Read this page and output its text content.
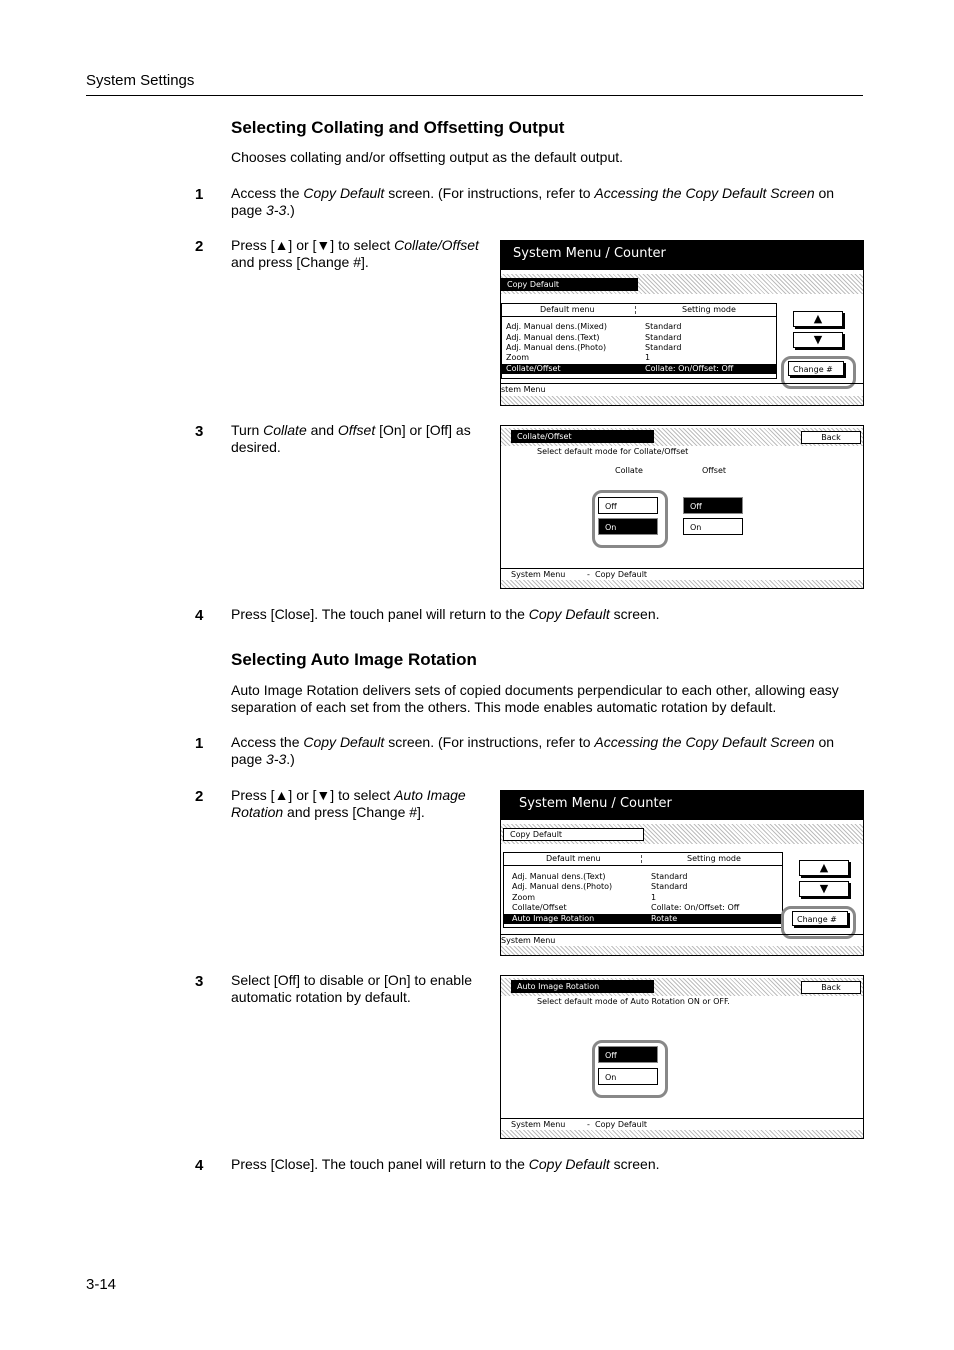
System Settings
Selecting Collating and Offsetting Output
Chooses collating and/or offsetting output as the default output.
1 Access the Copy Default screen. (For instructions, refer to Accessing the Copy Default Screen on page 3-3.)
2 Press [▲] or [▼] to select Collate/Offset and press [Change #].
3 Turn Collate and Offset [On] or [Off] as desired.
4 Press [Close]. The touch panel will return to the Copy Default screen.
System Menu / Counter
Copy Default
Default menu	Setting mode
Adj. Manual dens.(Mixed)	Standard
Adj. Manual dens.(Text)	Standard
Adj. Manual dens.(Photo)	Standard
Zoom	1
Collate/Offset	Collate: On/Offset: Off
▲
▼
Change #
stem Menu
Collate/Offset	Back
Select default mode for Collate/Offset
Collate	Offset
Off
On
Off
On
System Menu	- Copy Default
Selecting Auto Image Rotation
Auto Image Rotation delivers sets of copied documents perpendicular to each other, allowing easy separation of each set from the others. This mode enables automatic rotation by default.
1 Access the Copy Default screen. (For instructions, refer to Accessing the Copy Default Screen on page 3-3.)
2 Press [▲] or [▼] to select Auto Image Rotation and press [Change #].
3 Select [Off] to disable or [On] to enable automatic rotation by default.
4 Press [Close]. The touch panel will return to the Copy Default screen.
System Menu / Counter
Copy Default
Default menu	Setting mode
Adj. Manual dens.(Text)	Standard
Adj. Manual dens.(Photo)	Standard
Zoom	1
Collate/Offset	Collate: On/Offset: Off
Auto Image Rotation	Rotate
▲
▼
Change #
System Menu
Auto Image Rotation	Back
Select default mode of Auto Rotation ON or OFF.
Off
On
System Menu	- Copy Default
3-14
